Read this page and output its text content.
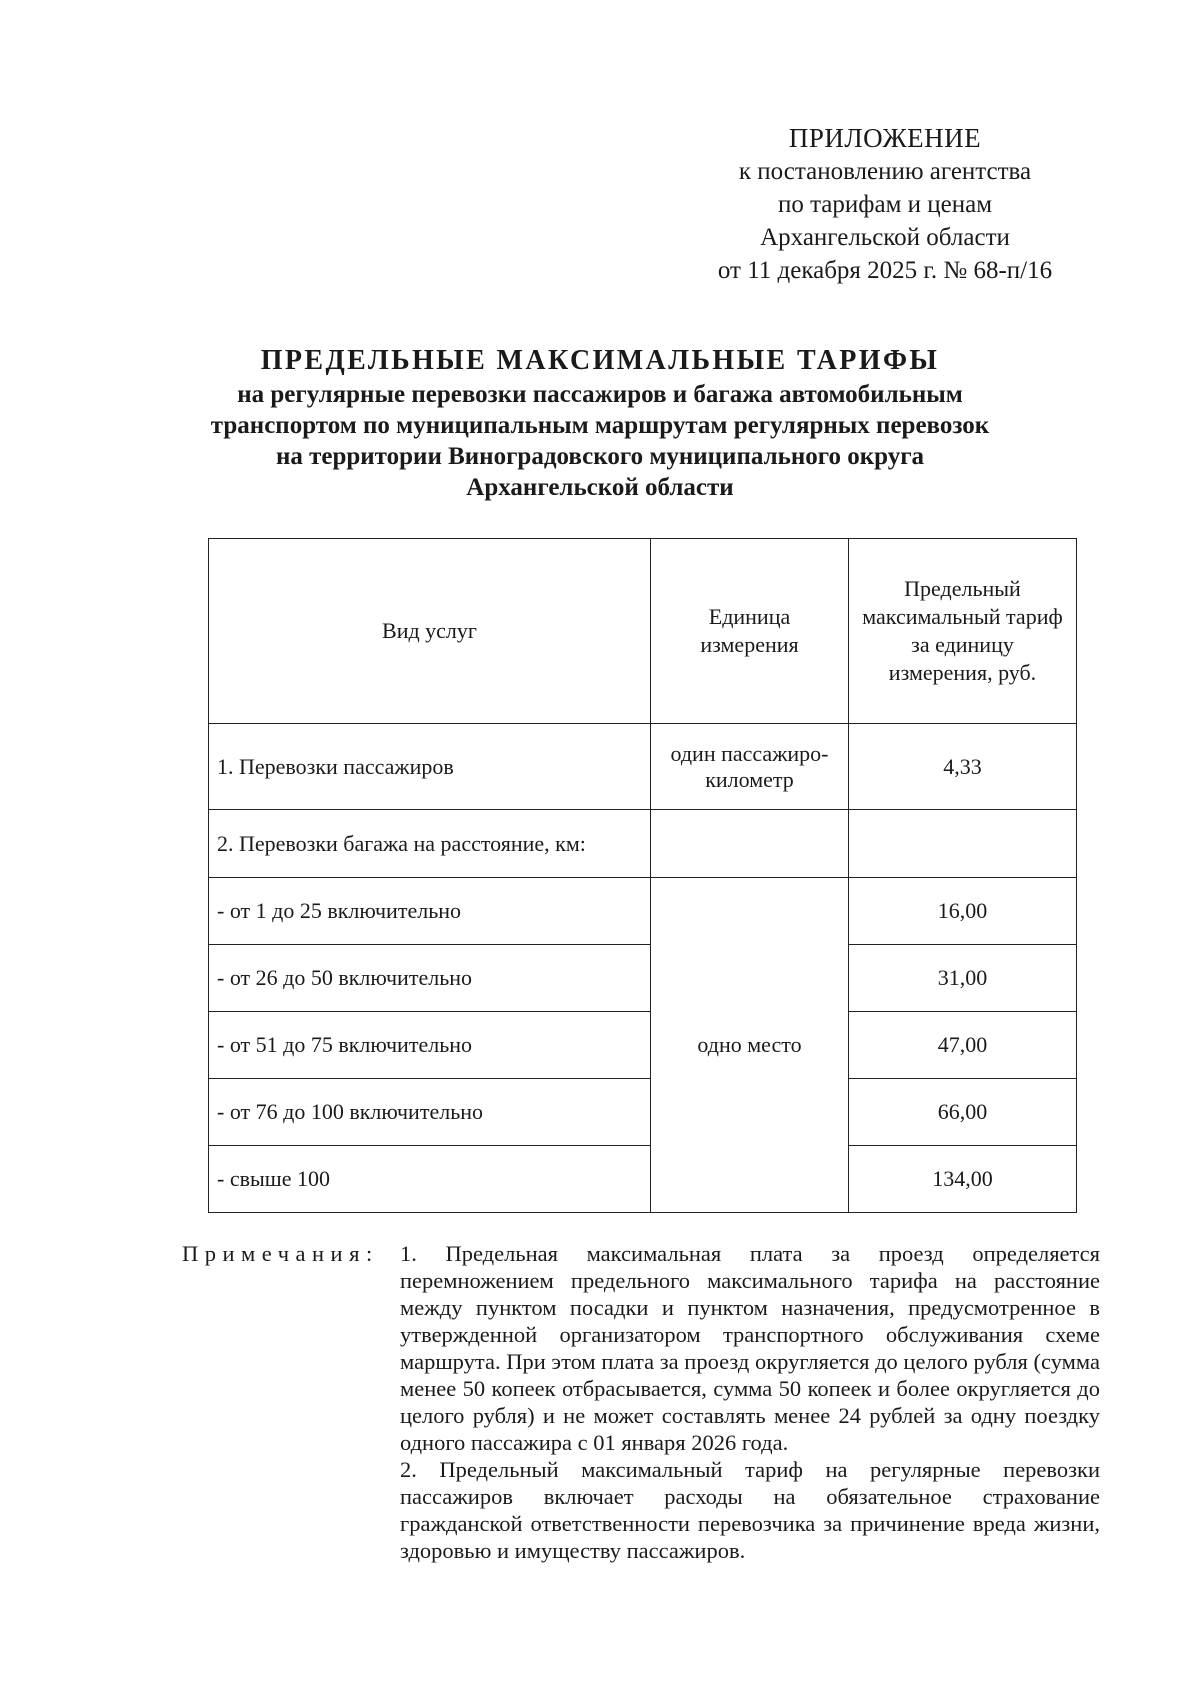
ПРИЛОЖЕНИЕ
к постановлению агентства
по тарифам и ценам
Архангельской области
от 11 декабря 2025 г. № 68-п/16
ПРЕДЕЛЬНЫЕ МАКСИМАЛЬНЫЕ ТАРИФЫ
на регулярные перевозки пассажиров и багажа автомобильным
транспортом по муниципальным маршрутам регулярных перевозок
на территории Виноградовского муниципального округа
Архангельской области
Вид услуг	Единица измерения	Предельный максимальный тариф за единицу измерения, руб.
1. Перевозки пассажиров	один пассажиро-километр	4,33
2. Перевозки багажа на расстояние, км:		
- от 1 до 25 включительно	одно место	16,00
- от 26 до 50 включительно		31,00
- от 51 до 75 включительно		47,00
- от 76 до 100 включительно		66,00
- свыше 100		134,00
Примечания: 1. Предельная максимальная плата за проезд определяется перемножением предельного максимального тарифа на расстояние между пунктом посадки и пунктом назначения, предусмотренное в утвержденной организатором транспортного обслуживания схеме маршрута. При этом плата за проезд округляется до целого рубля (сумма менее 50 копеек отбрасывается, сумма 50 копеек и более округляется до целого рубля) и не может составлять менее 24 рублей за одну поездку одного пассажира с 01 января 2026 года.

2. Предельный максимальный тариф на регулярные перевозки пассажиров включает расходы на обязательное страхование гражданской ответственности перевозчика за причинение вреда жизни, здоровью и имуществу пассажиров.
